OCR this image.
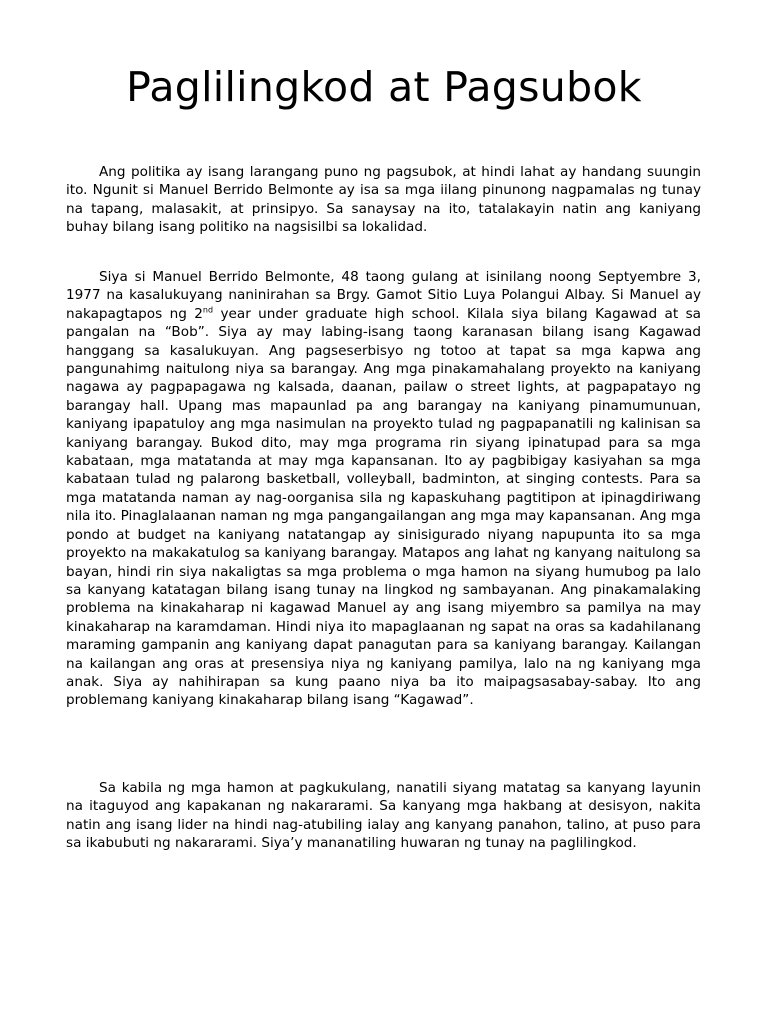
Paglilingkod at Pagsubok

Ang politika ay isang larangang puno ng pagsubok, at hindi lahat ay handang suungin ito. Ngunit si Manuel Berrido Belmonte ay isa sa mga iilang pinunong nagpamalas ng tunay na tapang, malasakit, at prinsipyo. Sa sanaysay na ito, tatalakayin natin ang kaniyang buhay bilang isang politiko na nagsisilbi sa lokalidad.

Siya si Manuel Berrido Belmonte, 48 taong gulang at isinilang noong Septyembre 3, 1977 na kasalukuyang naninirahan sa Brgy. Gamot Sitio Luya Polangui Albay. Si Manuel ay nakapagtapos ng 2nd year under graduate high school. Kilala siya bilang Kagawad at sa pangalan na “Bob”. Siya ay may labing-isang taong karanasan bilang isang Kagawad hanggang sa kasalukuyan. Ang pagseserbisyo ng totoo at tapat sa mga kapwa ang pangunahimg naitulong niya sa barangay. Ang mga pinakamahalang proyekto na kaniyang nagawa ay pagpapagawa ng kalsada, daanan, pailaw o street lights, at pagpapatayo ng barangay hall. Upang mas mapaunlad pa ang barangay na kaniyang pinamumunuan, kaniyang ipapatuloy ang mga nasimulan na proyekto tulad ng pagpapanatili ng kalinisan sa kaniyang barangay. Bukod dito, may mga programa rin siyang ipinatupad para sa mga kabataan, mga matatanda at may mga kapansanan. Ito ay pagbibigay kasiyahan sa mga kabataan tulad ng palarong basketball, volleyball, badminton, at singing contests. Para sa mga matatanda naman ay nag-oorganisa sila ng kapaskuhang pagtitipon at ipinagdiriwang nila ito. Pinaglalaanan naman ng mga pangangailangan ang mga may kapansanan. Ang mga pondo at budget na kaniyang natatangap ay sinisigurado niyang napupunta ito sa mga proyekto na makakatulog sa kaniyang barangay. Matapos ang lahat ng kanyang naitulong sa bayan, hindi rin siya nakaligtas sa mga problema o mga hamon na siyang humubog pa lalo sa kanyang katatagan bilang isang tunay na lingkod ng sambayanan. Ang pinakamalaking problema na kinakaharap ni kagawad Manuel ay ang isang miyembro sa pamilya na may kinakaharap na karamdaman. Hindi niya ito mapaglaanan ng sapat na oras sa kadahilanang maraming gampanin ang kaniyang dapat panagutan para sa kaniyang barangay. Kailangan na kailangan ang oras at presensiya niya ng kaniyang pamilya, lalo na ng kaniyang mga anak. Siya ay nahihirapan sa kung paano niya ba ito maipagsasabay-sabay. Ito ang problemang kaniyang kinakaharap bilang isang “Kagawad”.

Sa kabila ng mga hamon at pagkukulang, nanatili siyang matatag sa kanyang layunin na itaguyod ang kapakanan ng nakararami. Sa kanyang mga hakbang at desisyon, nakita natin ang isang lider na hindi nag-atubiling ialay ang kanyang panahon, talino, at puso para sa ikabubuti ng nakararami. Siya’y mananatiling huwaran ng tunay na paglilingkod.
